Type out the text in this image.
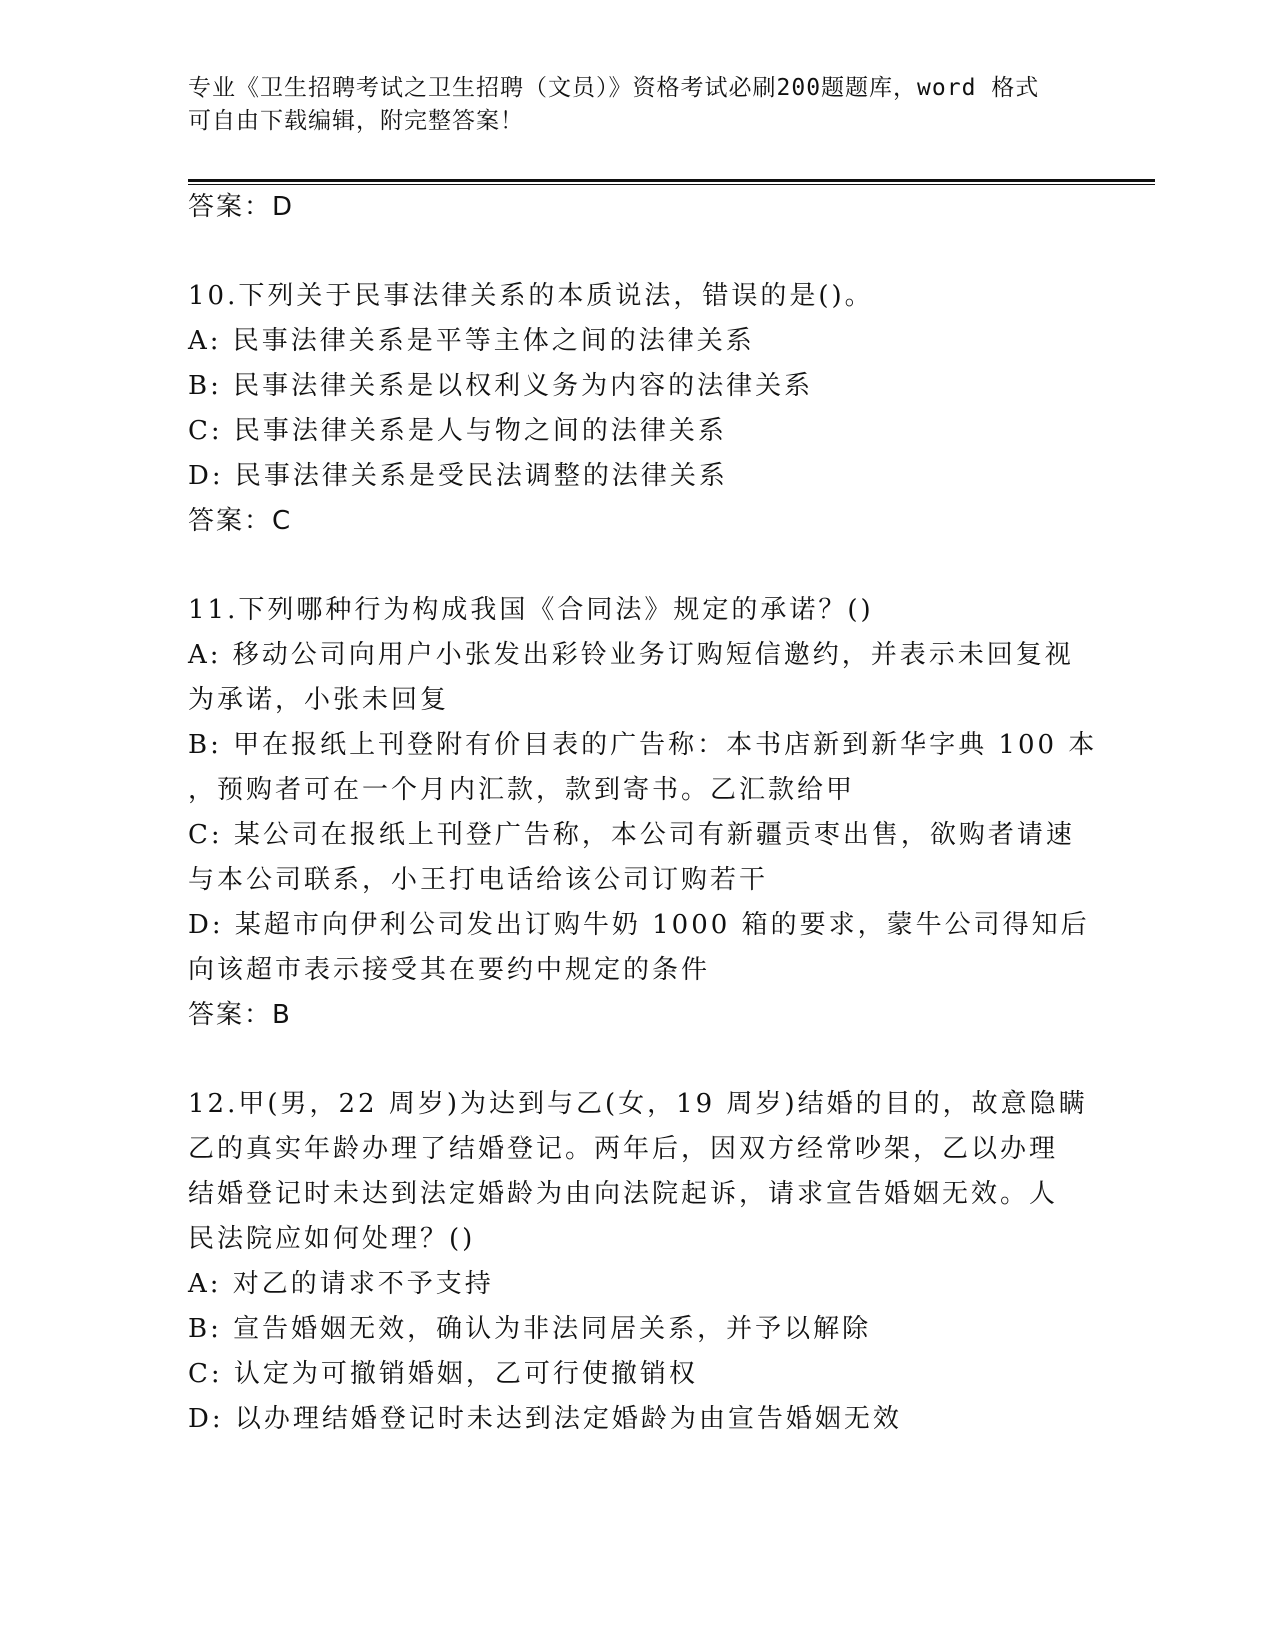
专业《卫生招聘考试之卫生招聘（文员）》资格考试必刷200题题库，word 格式
可自由下载编辑，附完整答案！
答案：D
10.下列关于民事法律关系的本质说法，错误的是()。
A: 民事法律关系是平等主体之间的法律关系
B: 民事法律关系是以权利义务为内容的法律关系
C: 民事法律关系是人与物之间的法律关系
D: 民事法律关系是受民法调整的法律关系
答案：C
11.下列哪种行为构成我国《合同法》规定的承诺？()
A: 移动公司向用户小张发出彩铃业务订购短信邀约，并表示未回复视
为承诺，小张未回复
B: 甲在报纸上刊登附有价目表的广告称：本书店新到新华字典 100 本
，预购者可在一个月内汇款，款到寄书。乙汇款给甲
C: 某公司在报纸上刊登广告称，本公司有新疆贡枣出售，欲购者请速
与本公司联系，小王打电话给该公司订购若干
D: 某超市向伊利公司发出订购牛奶 1000 箱的要求，蒙牛公司得知后
向该超市表示接受其在要约中规定的条件
答案：B
12.甲(男，22 周岁)为达到与乙(女，19 周岁)结婚的目的，故意隐瞒
乙的真实年龄办理了结婚登记。两年后，因双方经常吵架，乙以办理
结婚登记时未达到法定婚龄为由向法院起诉，请求宣告婚姻无效。人
民法院应如何处理？()
A: 对乙的请求不予支持
B: 宣告婚姻无效，确认为非法同居关系，并予以解除
C: 认定为可撤销婚姻，乙可行使撤销权
D: 以办理结婚登记时未达到法定婚龄为由宣告婚姻无效
